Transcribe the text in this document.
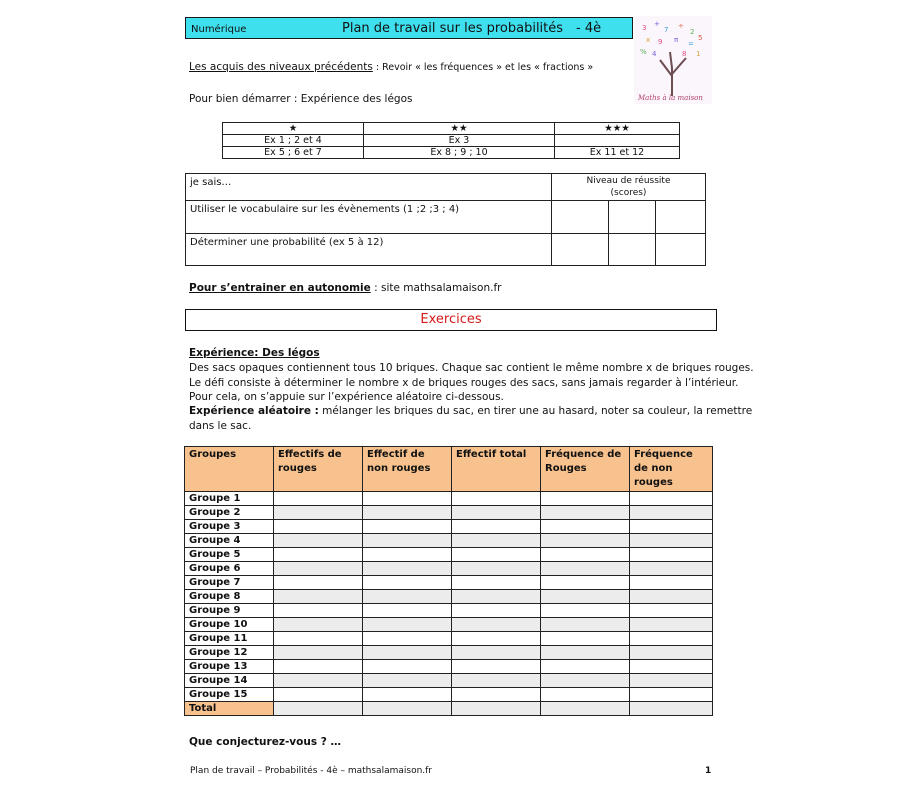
Numérique	Plan de travail sur les probabilités - 4è	3 +
7 ÷
2
x 9 π =
5
% 4	8 1
Maths à la maison
Les acquis des niveaux précédents : Revoir « les fréquences » et les « fractions »
Pour bien démarrer : Expérience des légos
★	★★	★★★
Ex 1 ; 2 et 4	Ex 3	
Ex 5 ; 6 et 7	Ex 8 ; 9 ; 10	Ex 11 et 12
je sais…	Niveau de réussite (scores)		
Utiliser le vocabulaire sur les évènements (1 ;2 ;3 ; 4)			
Déterminer une probabilité (ex 5 à 12)			
Pour s’entrainer en autonomie : site mathsalamaison.fr
Exercices
Expérience: Des légos
Des sacs opaques contiennent tous 10 briques. Chaque sac contient le même nombre x de briques rouges.
Le défi consiste à déterminer le nombre x de briques rouges des sacs, sans jamais regarder à l’intérieur.
Pour cela, on s’appuie sur l’expérience aléatoire ci-dessous.
Expérience aléatoire : mélanger les briques du sac, en tirer une au hasard, noter sa couleur, la remettre
dans le sac.
Groupes	Effectifs de rouges	Effectif de non rouges	Effectif total	Fréquence de Rouges	Fréquence de non rouges
Groupe 1					
Groupe 2					
Groupe 3					
Groupe 4					
Groupe 5					
Groupe 6					
Groupe 7					
Groupe 8					
Groupe 9					
Groupe 10					
Groupe 11					
Groupe 12					
Groupe 13					
Groupe 14					
Groupe 15					
Total					
Que conjecturez-vous ? …
Plan de travail – Probabilités - 4è – mathsalamaison.fr	1
